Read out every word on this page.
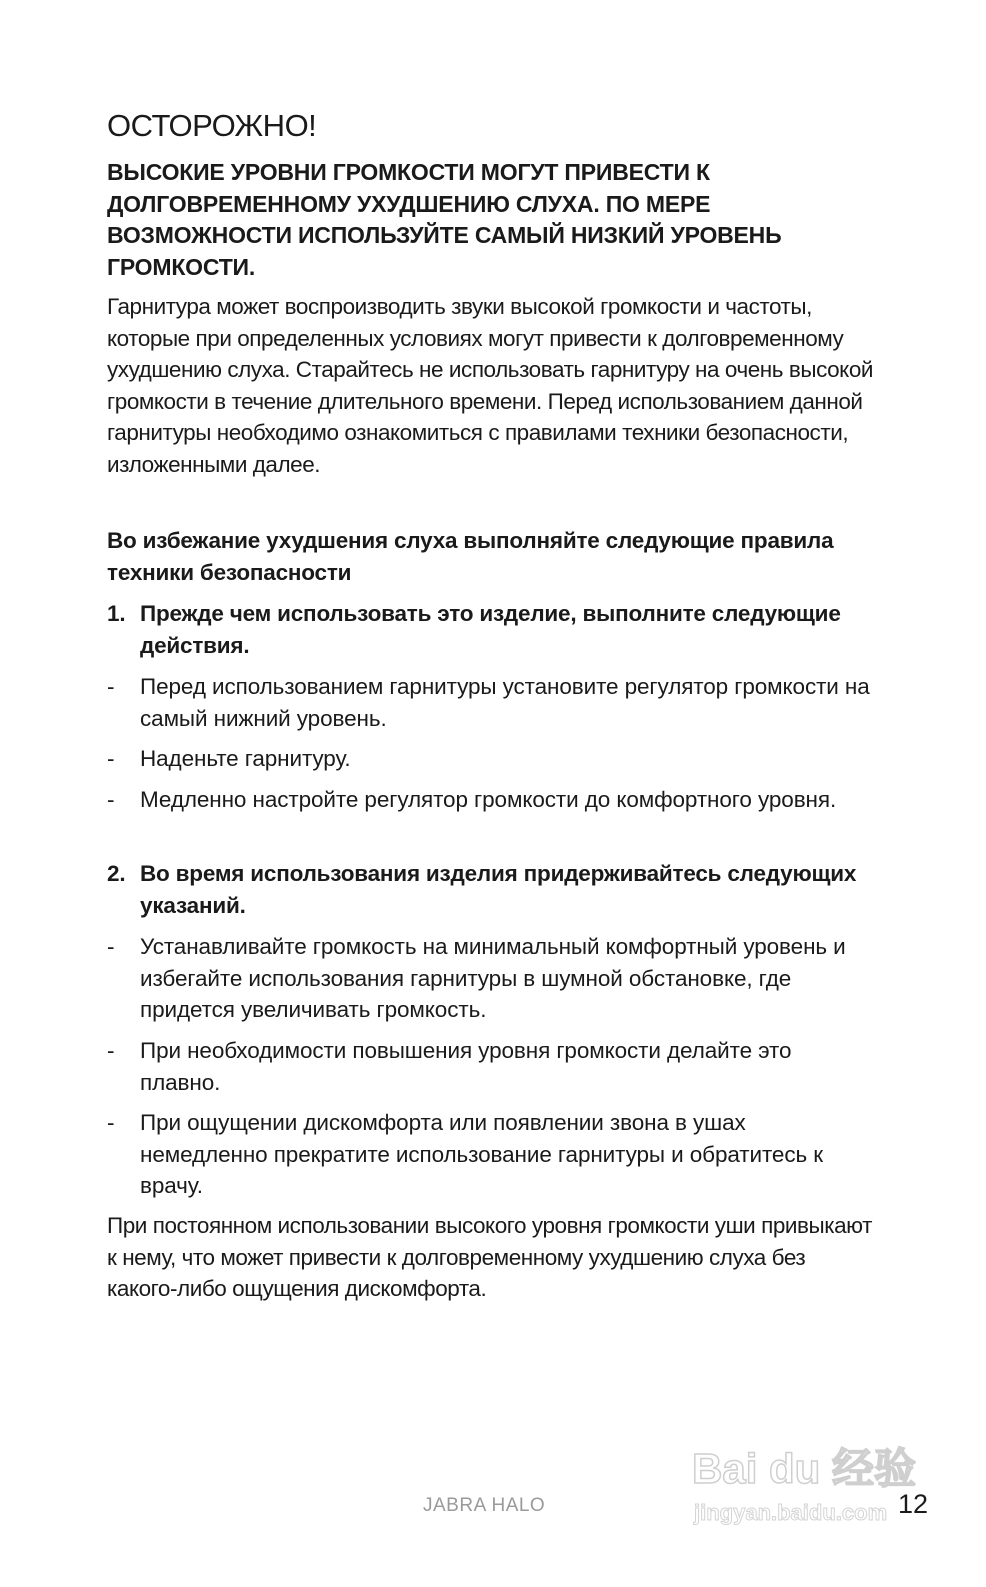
ОСТОРОЖНО!
ВЫСОКИЕ УРОВНИ ГРОМКОСТИ МОГУТ ПРИВЕСТИ К ДОЛГОВРЕМЕННОМУ УХУДШЕНИЮ СЛУХА. ПО МЕРЕ ВОЗМОЖНОСТИ ИСПОЛЬЗУЙТЕ САМЫЙ НИЗКИЙ УРОВЕНЬ ГРОМКОСТИ.
Гарнитура может воспроизводить звуки высокой громкости и частоты, которые при определенных условиях могут привести к долговременному ухудшению слуха. Старайтесь не использовать гарнитуру на очень высокой громкости в течение длительного времени. Перед использованием данной гарнитуры необходимо ознакомиться с правилами техники безопасности, изложенными далее.
Во избежание ухудшения слуха выполняйте следующие правила техники безопасности
1. Прежде чем использовать это изделие, выполните следующие действия.
-	Перед использованием гарнитуры установите регулятор громкости на самый нижний уровень.
-	Наденьте гарнитуру.
-	Медленно настройте регулятор громкости до комфортного уровня.
2. Во время использования изделия придерживайтесь следующих указаний.
-	Устанавливайте громкость на минимальный комфортный уровень и избегайте использования гарнитуры в шумной обстановке, где придется увеличивать громкость.
-	При необходимости повышения уровня громкости делайте это плавно.
-	При ощущении дискомфорта или появлении звона в ушах немедленно прекратите использование гарнитуры и обратитесь к врачу.
При постоянном использовании высокого уровня громкости уши привыкают к нему, что может привести к долговременному ухудшению слуха без какого-либо ощущения дискомфорта.
JABRA HALO
Bai du 经验
jingyan.baidu.com 12
